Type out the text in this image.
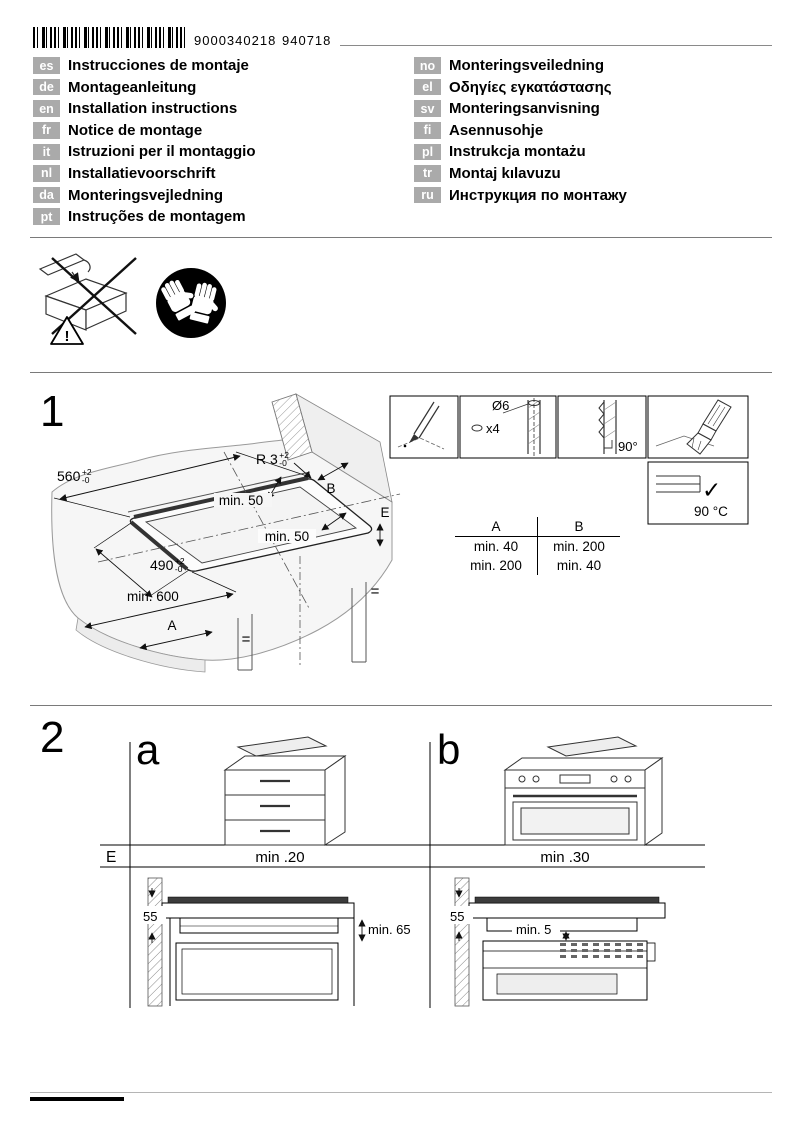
9000340218 940718
es Instrucciones de montaje
de Montageanleitung
en Installation instructions
fr	Notice de montage
it	Istruzioni per il montaggio
nl	Installatievoorschrift
da Monteringsvejledning
pt	Instruções de montagem
no Monteringsveiledning
el	Οδηγίες εγκατάστασης
sv Monteringsanvisning
fi	Asennusohje
pl	Instrukcja montażu
tr	Montaj kılavuzu
ru	Инструкция по монтажу
!
min. 50
min. 50
min. 600
A
B
E
=
=
Ø6
x4
90°
✓
90 °C
1
560 +2
-0
490 +2
-0
R 3 +2
-0
A	B
min. 40	min. 200
min. 200	min. 40
E	min .20	min .30
55
min. 65
55
min. 5
2 a	b
